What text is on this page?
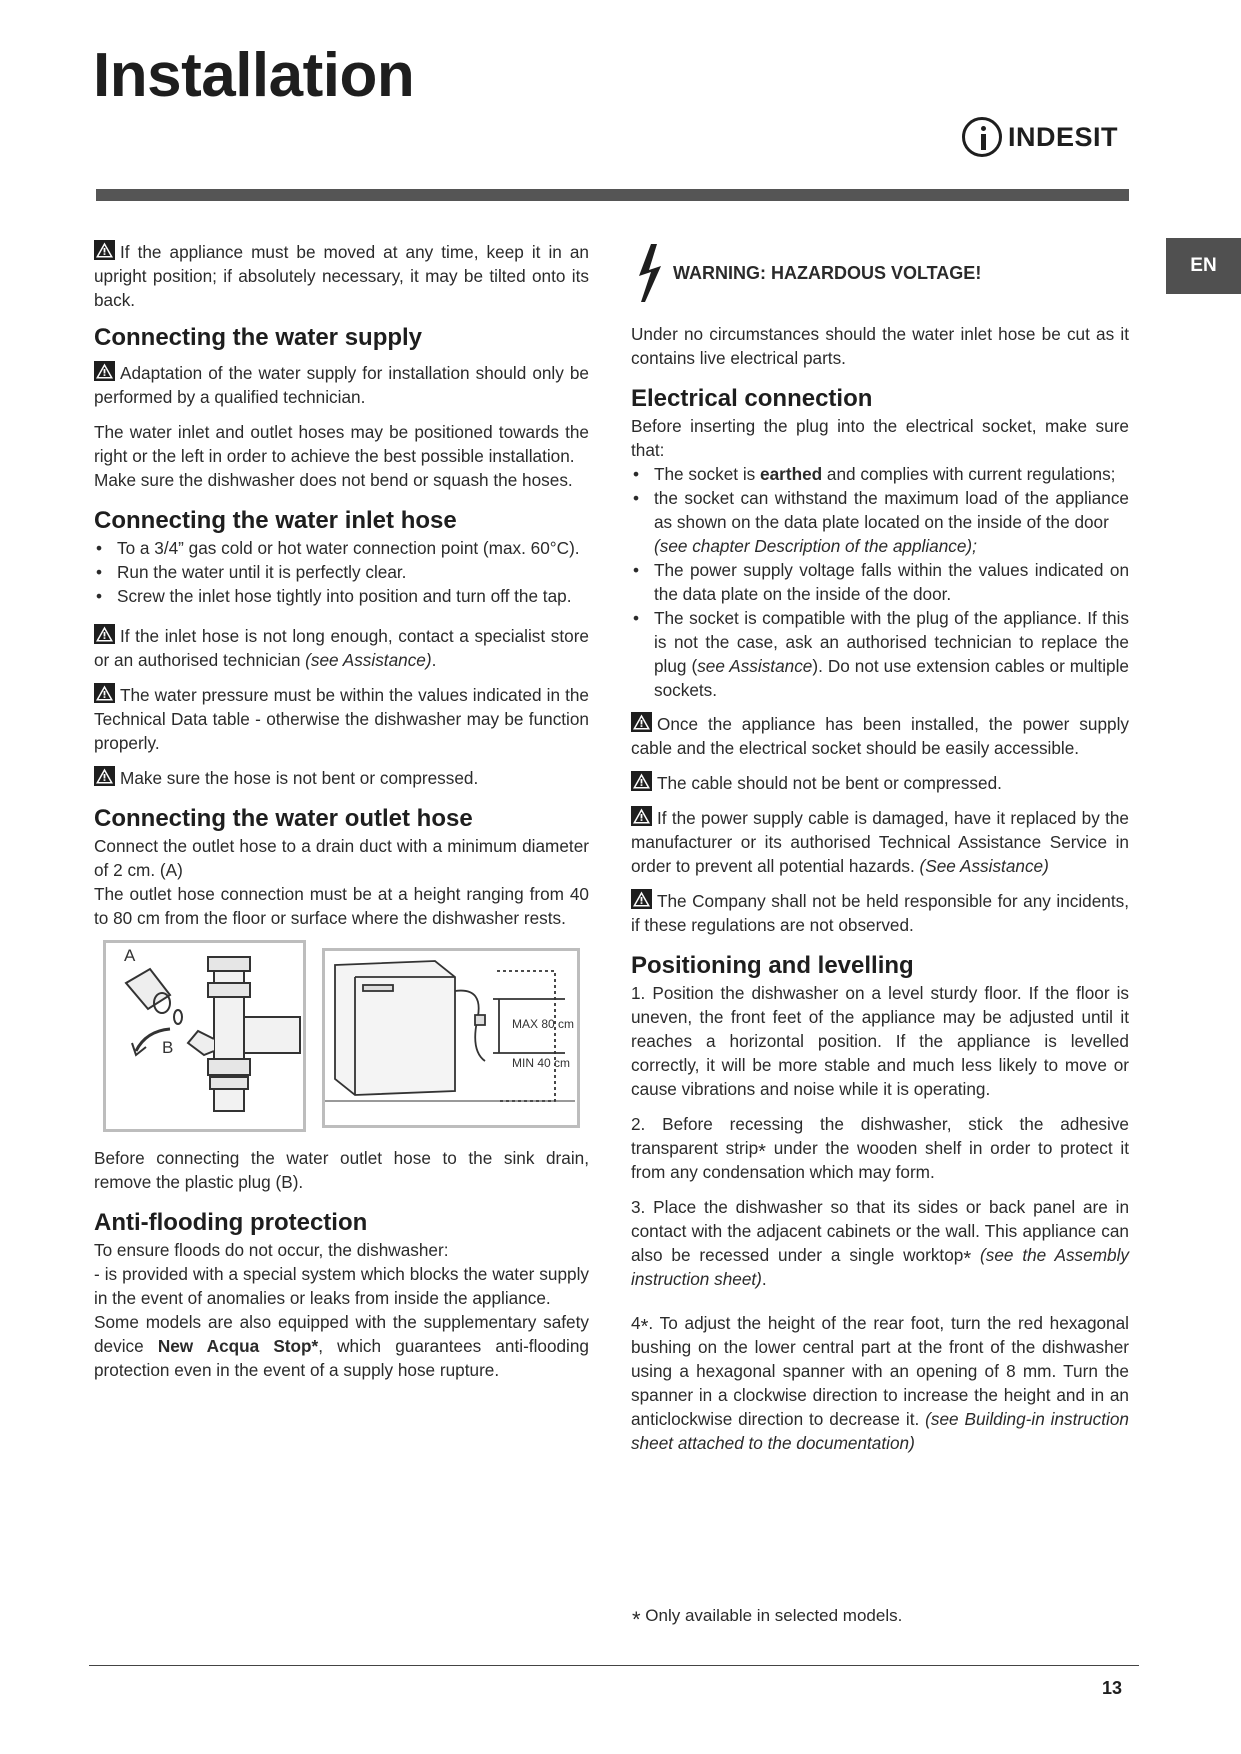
Installation
INDESIT
EN

If the appliance must be moved at any time, keep it in an upright position; if absolutely necessary, it may be tilted onto its back.

Connecting the water supply

Adaptation of the water supply for installation should only be performed by a qualified technician.

The water inlet and outlet hoses may be positioned towards the right or the left in order to achieve the best possible installation.

Make sure the dishwasher does not bend or squash the hoses.

Connecting the water inlet hose
• To a 3/4” gas cold or hot water connection point (max. 60°C).
• Run the water until it is perfectly clear.
• Screw the inlet hose tightly into position and turn off the tap.

If the inlet hose is not long enough, contact a specialist store or an authorised technician (see Assistance).

The water pressure must be within the values indicated in the Technical Data table - otherwise the dishwasher may be function properly.

Make sure the hose is not bent or compressed.

Connecting the water outlet hose

Connect the outlet hose to a drain duct with a minimum diameter of 2 cm. (A)

The outlet hose connection must be at a height ranging from 40 to 80 cm from the floor or surface where the dishwasher rests.

A
B
MAX 80 cm
MIN 40 cm

Before connecting the water outlet hose to the sink drain, remove the plastic plug (B).

Anti-flooding protection

To ensure floods do not occur, the dishwasher:

- is provided with a special system which blocks the water supply in the event of anomalies or leaks from inside the appliance.

Some models are also equipped with the supplementary safety device New Acqua Stop*, which guarantees anti-flooding protection even in the event of a supply hose rupture.

WARNING: HAZARDOUS VOLTAGE!

Under no circumstances should the water inlet hose be cut as it contains live electrical parts.

Electrical connection

Before inserting the plug into the electrical socket, make sure that:

• The socket is earthed and complies with current regulations;
• the socket can withstand the maximum load of the appliance as shown on the data plate located on the inside of the door
(see chapter Description of the appliance);
• The power supply voltage falls within the values indicated on the data plate on the inside of the door.
• The socket is compatible with the plug of the appliance. If this is not the case, ask an authorised technician to replace the plug (see Assistance). Do not use extension cables or multiple sockets.

Once the appliance has been installed, the power supply cable and the electrical socket should be easily accessible.

The cable should not be bent or compressed.

If the power supply cable is damaged, have it replaced by the manufacturer or its authorised Technical Assistance Service in order to prevent all potential hazards. (See Assistance)

The Company shall not be held responsible for any incidents, if these regulations are not observed.

Positioning and levelling

1. Position the dishwasher on a level sturdy floor. If the floor is uneven, the front feet of the appliance may be adjusted until it reaches a horizontal position. If the appliance is levelled correctly, it will be more stable and much less likely to move or cause vibrations and noise while it is operating.

2. Before recessing the dishwasher, stick the adhesive transparent strip* under the wooden shelf in order to protect it from any condensation which may form.

3. Place the dishwasher so that its sides or back panel are in contact with the adjacent cabinets or the wall. This appliance can also be recessed under a single worktop* (see the Assembly instruction sheet).

4*. To adjust the height of the rear foot, turn the red hexagonal bushing on the lower central part at the front of the dishwasher using a hexagonal spanner with an opening of 8 mm. Turn the spanner in a clockwise direction to increase the height and in an anticlockwise direction to decrease it. (see Building-in instruction sheet attached to the documentation)

* Only available in selected models.
13
